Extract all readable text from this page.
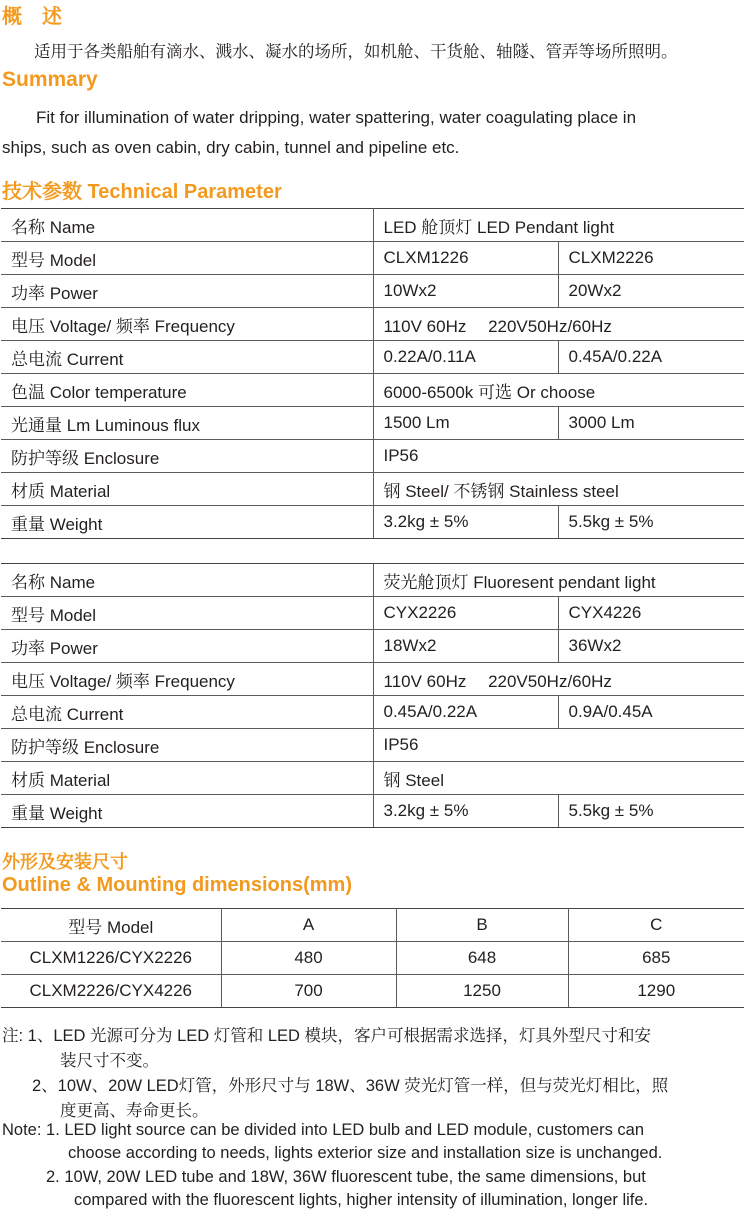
概　述

适用于各类船舶有滴水、溅水、凝水的场所，如机舱、干货舱、轴隧、管弄等场所照明。

Summary

Fit for illumination of water dripping, water spattering, water coagulating place in

ships, such as oven cabin, dry cabin, tunnel and pipeline etc.

技术参数 Technical Parameter
名称 Name	LED 舱顶灯 LED Pendant light	
型号 Model	CLXM1226	CLXM2226
功率 Power	10Wx2	20Wx2
电压 Voltage/ 频率 Frequency	110V 60Hz　 220V50Hz/60Hz	
总电流 Current	0.22A/0.11A	0.45A/0.22A
色温 Color temperature	6000-6500k 可选 Or choose	
光通量 Lm Luminous flux	1500 Lm	3000 Lm
防护等级 Enclosure	IP56	
材质 Material	钢 Steel/ 不锈钢 Stainless steel	
重量 Weight	3.2kg ± 5%	5.5kg ± 5%
名称 Name	荧光舱顶灯 Fluoresent pendant light	
型号 Model	CYX2226	CYX4226
功率 Power	18Wx2	36Wx2
电压 Voltage/ 频率 Frequency	110V 60Hz　 220V50Hz/60Hz	
总电流 Current	0.45A/0.22A	0.9A/0.45A
防护等级 Enclosure	IP56	
材质 Material	钢 Steel	
重量 Weight	3.2kg ± 5%	5.5kg ± 5%
外形及安装尺寸
Outline & Mounting dimensions(mm)
型号 Model	A	B	C
CLXM1226/CYX2226	480	648	685
CLXM2226/CYX4226	700	1250	1290

注: 1、LED 光源可分为 LED 灯管和 LED 模块，客户可根据需求选择，灯具外型尺寸和安

装尺寸不变。

2、10W、20W LED灯管，外形尺寸与 18W、36W 荧光灯管一样，但与荧光灯相比，照

度更高、寿命更长。

Note: 1. LED light source can be divided into LED bulb and LED module, customers can

choose according to needs, lights exterior size and installation size is unchanged.

2. 10W, 20W LED tube and 18W, 36W fluorescent tube, the same dimensions, but

compared with the fluorescent lights, higher intensity of illumination, longer life.
